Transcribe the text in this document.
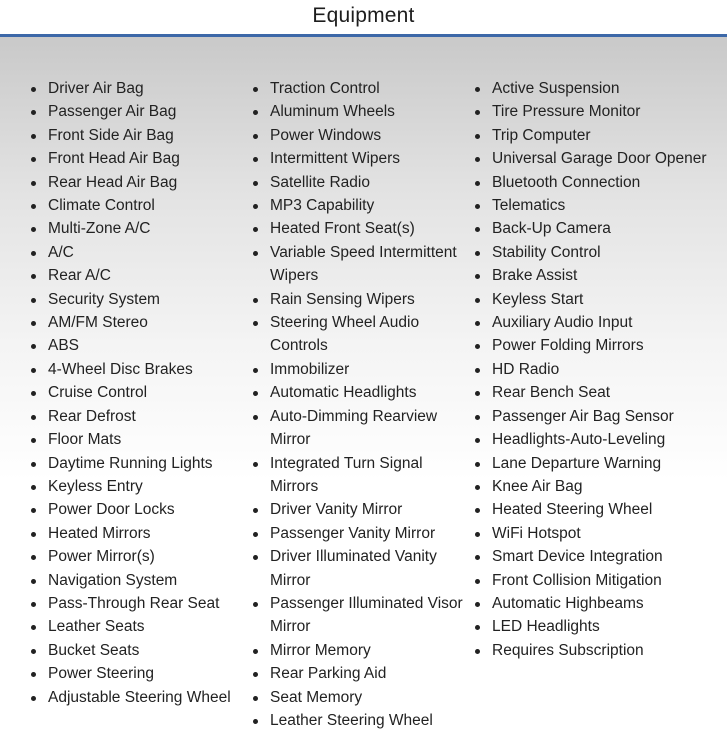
Equipment
Driver Air Bag
Passenger Air Bag
Front Side Air Bag
Front Head Air Bag
Rear Head Air Bag
Climate Control
Multi-Zone A/C
A/C
Rear A/C
Security System
AM/FM Stereo
ABS
4-Wheel Disc Brakes
Cruise Control
Rear Defrost
Floor Mats
Daytime Running Lights
Keyless Entry
Power Door Locks
Heated Mirrors
Power Mirror(s)
Navigation System
Pass-Through Rear Seat
Leather Seats
Bucket Seats
Power Steering
Adjustable Steering Wheel
Traction Control
Aluminum Wheels
Power Windows
Intermittent Wipers
Satellite Radio
MP3 Capability
Heated Front Seat(s)
Variable Speed Intermittent Wipers
Rain Sensing Wipers
Steering Wheel Audio Controls
Immobilizer
Automatic Headlights
Auto-Dimming Rearview Mirror
Integrated Turn Signal Mirrors
Driver Vanity Mirror
Passenger Vanity Mirror
Driver Illuminated Vanity Mirror
Passenger Illuminated Visor Mirror
Mirror Memory
Rear Parking Aid
Seat Memory
Leather Steering Wheel
Active Suspension
Tire Pressure Monitor
Trip Computer
Universal Garage Door Opener
Bluetooth Connection
Telematics
Back-Up Camera
Stability Control
Brake Assist
Keyless Start
Auxiliary Audio Input
Power Folding Mirrors
HD Radio
Rear Bench Seat
Passenger Air Bag Sensor
Headlights-Auto-Leveling
Lane Departure Warning
Knee Air Bag
Heated Steering Wheel
WiFi Hotspot
Smart Device Integration
Front Collision Mitigation
Automatic Highbeams
LED Headlights
Requires Subscription
